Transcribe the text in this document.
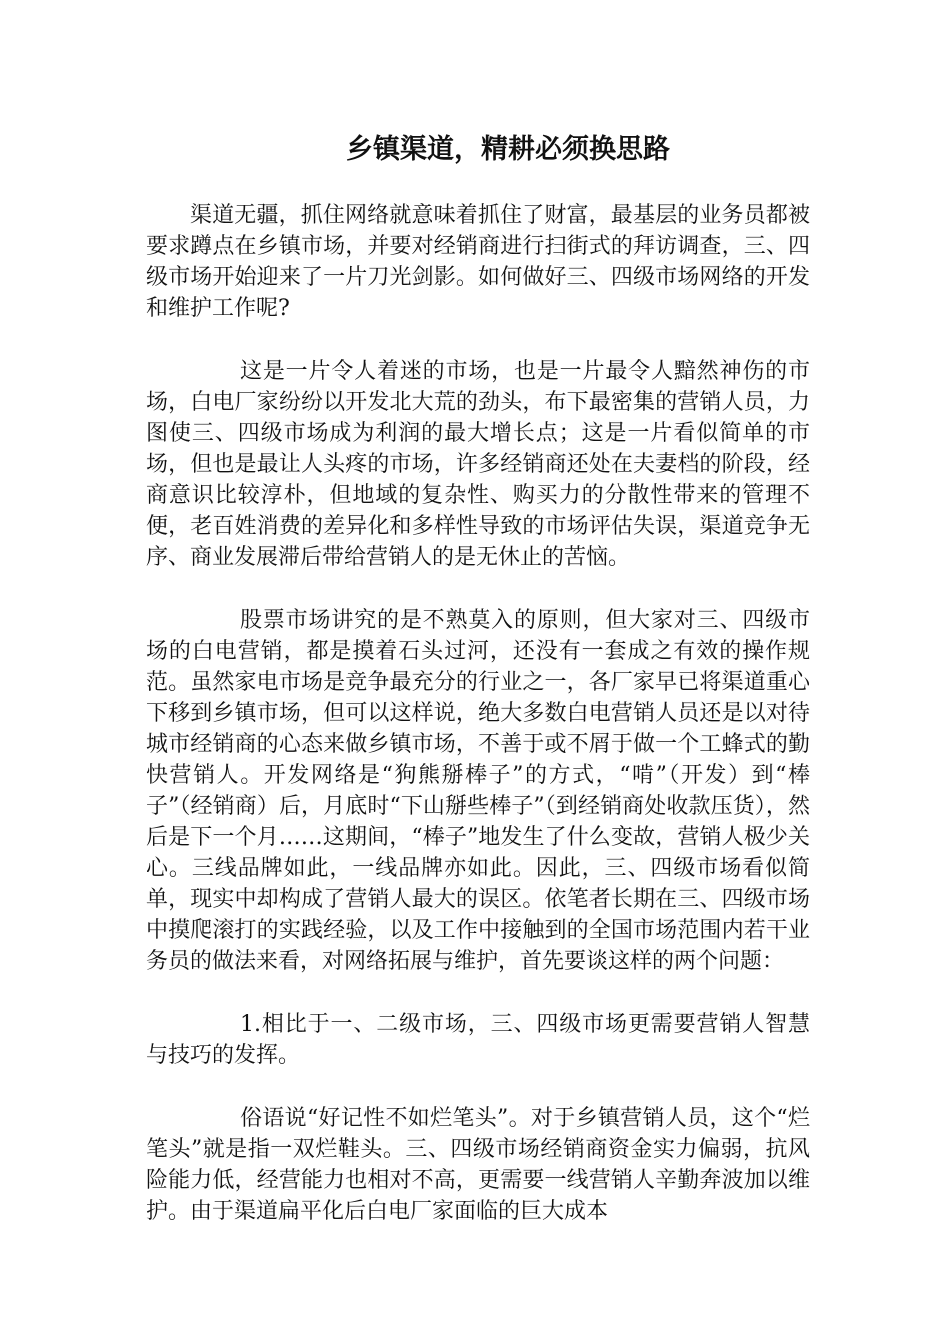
乡镇渠道，精耕必须换思路

渠道无疆，抓住网络就意味着抓住了财富，最基层的业务员都被要求蹲点在乡镇市场，并要对经销商进行扫街式的拜访调查，三、四级市场开始迎来了一片刀光剑影。如何做好三、四级市场网络的开发和维护工作呢?

这是一片令人着迷的市场，也是一片最令人黯然神伤的市场，白电厂家纷纷以开发北大荒的劲头，布下最密集的营销人员，力图使三、四级市场成为利润的最大增长点；这是一片看似简单的市场，但也是最让人头疼的市场，许多经销商还处在夫妻档的阶段，经商意识比较淳朴，但地域的复杂性、购买力的分散性带来的管理不便，老百姓消费的差异化和多样性导致的市场评估失误，渠道竞争无序、商业发展滞后带给营销人的是无休止的苦恼。

股票市场讲究的是不熟莫入的原则，但大家对三、四级市场的白电营销，都是摸着石头过河，还没有一套成之有效的操作规范。虽然家电市场是竞争最充分的行业之一，各厂家早已将渠道重心下移到乡镇市场，但可以这样说，绝大多数白电营销人员还是以对待城市经销商的心态来做乡镇市场，不善于或不屑于做一个工蜂式的勤快营销人。开发网络是“狗熊掰棒子”的方式，“啃”（开发）到“棒子”（经销商）后，月底时“下山掰些棒子”（到经销商处收款压货），然后是下一个月……这期间，“棒子”地发生了什么变故，营销人极少关心。三线品牌如此，一线品牌亦如此。因此，三、四级市场看似简单，现实中却构成了营销人最大的误区。依笔者长期在三、四级市场中摸爬滚打的实践经验，以及工作中接触到的全国市场范围内若干业务员的做法来看，对网络拓展与维护，首先要谈这样的两个问题：

1.相比于一、二级市场，三、四级市场更需要营销人智慧与技巧的发挥。

俗语说“好记性不如烂笔头”。对于乡镇营销人员，这个“烂笔头”就是指一双烂鞋头。三、四级市场经销商资金实力偏弱，抗风险能力低，经营能力也相对不高，更需要一线营销人辛勤奔波加以维护。由于渠道扁平化后白电厂家面临的巨大成本
